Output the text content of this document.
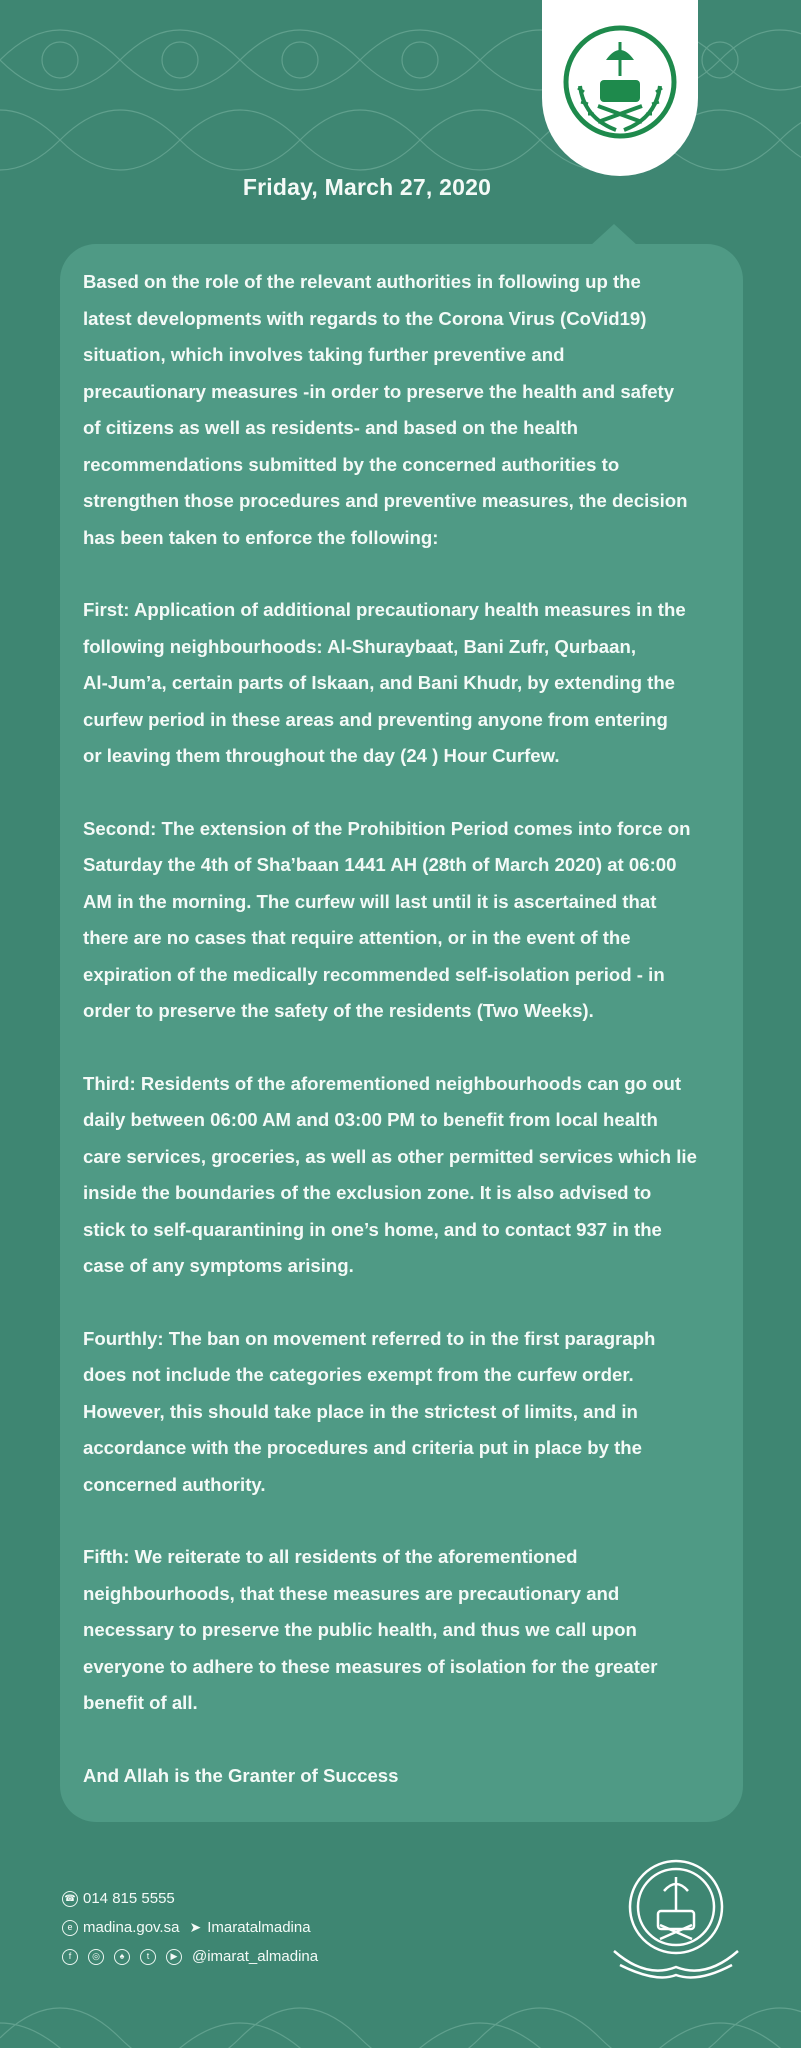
Friday, March 27, 2020

Based on the role of the relevant authorities in following up the
latest developments with regards to the Corona Virus (CoVid19)
situation, which involves taking further preventive and
precautionary measures -in order to preserve the health and safety
of citizens as well as residents- and based on the health
recommendations submitted by the concerned authorities to
strengthen those procedures and preventive measures, the decision
has been taken to enforce the following:

First: Application of additional precautionary health measures in the
following neighbourhoods: Al-Shuraybaat, Bani Zufr, Qurbaan,
Al-Jum’a, certain parts of Iskaan, and Bani Khudr, by extending the
curfew period in these areas and preventing anyone from entering
or leaving them throughout the day (24 ) Hour Curfew.

Second: The extension of the Prohibition Period comes into force on
Saturday the 4th of Sha’baan 1441 AH (28th of March 2020) at 06:00
AM in the morning. The curfew will last until it is ascertained that
there are no cases that require attention, or in the event of the
expiration of the medically recommended self-isolation period - in
order to preserve the safety of the residents (Two Weeks).

Third: Residents of the aforementioned neighbourhoods can go out
daily between 06:00 AM and 03:00 PM to benefit from local health
care services, groceries, as well as other permitted services which lie
inside the boundaries of the exclusion zone. It is also advised to
stick to self-quarantining in one’s home, and to contact 937 in the
case of any symptoms arising.

Fourthly: The ban on movement referred to in the first paragraph
does not include the categories exempt from the curfew order.
However, this should take place in the strictest of limits, and in
accordance with the procedures and criteria put in place by the
concerned authority.

Fifth: We reiterate to all residents of the aforementioned
neighbourhoods, that these measures are precautionary and
necessary to preserve the public health, and thus we call upon
everyone to adhere to these measures of isolation for the greater
benefit of all.

And Allah is the Granter of Success

☎ 014 815 5555
e madina.gov.sa ➤ Imaratalmadina
f	◎	♠	t	▶ @imarat_almadina
